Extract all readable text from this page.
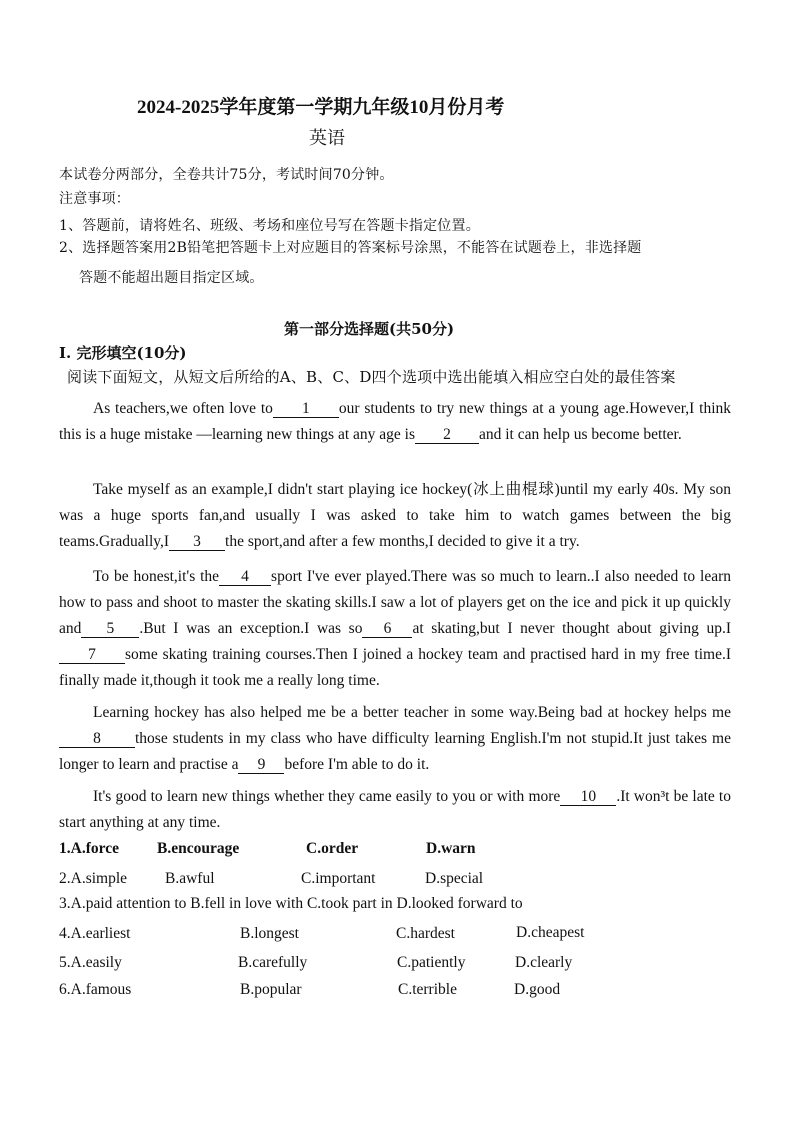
2024-2025学年度第一学期九年级10月份月考
英语
本试卷分两部分，全卷共计75分，考试时间70分钟。
注意事项：
1、答题前，请将姓名、班级、考场和座位号写在答题卡指定位置。
2、选择题答案用2B铅笔把答题卡上对应题目的答案标号涂黑，不能答在试题卷上，非选择题
答题不能超出题目指定区域。
第一部分选择题(共50分)
I. 完形填空(10分)
阅读下面短文，从短文后所给的A、B、C、D四个选项中选出能填入相应空白处的最佳答案
As teachers,we often love to 1 our students to try new things at a young age.However,I think this is a huge mistake —learning new things at any age is 2 and it can help us become better.
Take myself as an example,I didn't start playing ice hockey(冰上曲棍球)until my early 40s. My son was a huge sports fan,and usually I was asked to take him to watch games between the big teams.Gradually,I 3 the sport,and after a few months,I decided to give it a try.
To be honest,it's the 4 sport I've ever played.There was so much to learn..I also needed to learn how to pass and shoot to master the skating skills.I saw a lot of players get on the ice and pick it up quickly and 5 .But I was an exception.I was so 6 at skating,but I never thought about giving up.I7 some skating training courses.Then I joined a hockey team and practised hard in my free time.I finally made it,though it took me a really long time.
Learning hockey has also helped me be a better teacher in some way.Being bad at hockey helps me8 those students in my class who have difficulty learning English.I'm not stupid.It just takes me longer to learn and practise a 9 before I'm able to do it.
It's good to learn new things whether they came easily to you or with more 10 .It won³t be late to start anything at any time.
1.A.force B.encourage	C.order	D.warn
2.A.simple B.awful	C.important	D.special
3.A.paid attention to B.fell in love with C.took part in D.looked forward to
4.A.earliest	B.longest	C.hardest	D.cheapest
5.A.easily	B.carefully	C.patiently	D.clearly
6.A.famous	B.popular	C.terrible	D.good
